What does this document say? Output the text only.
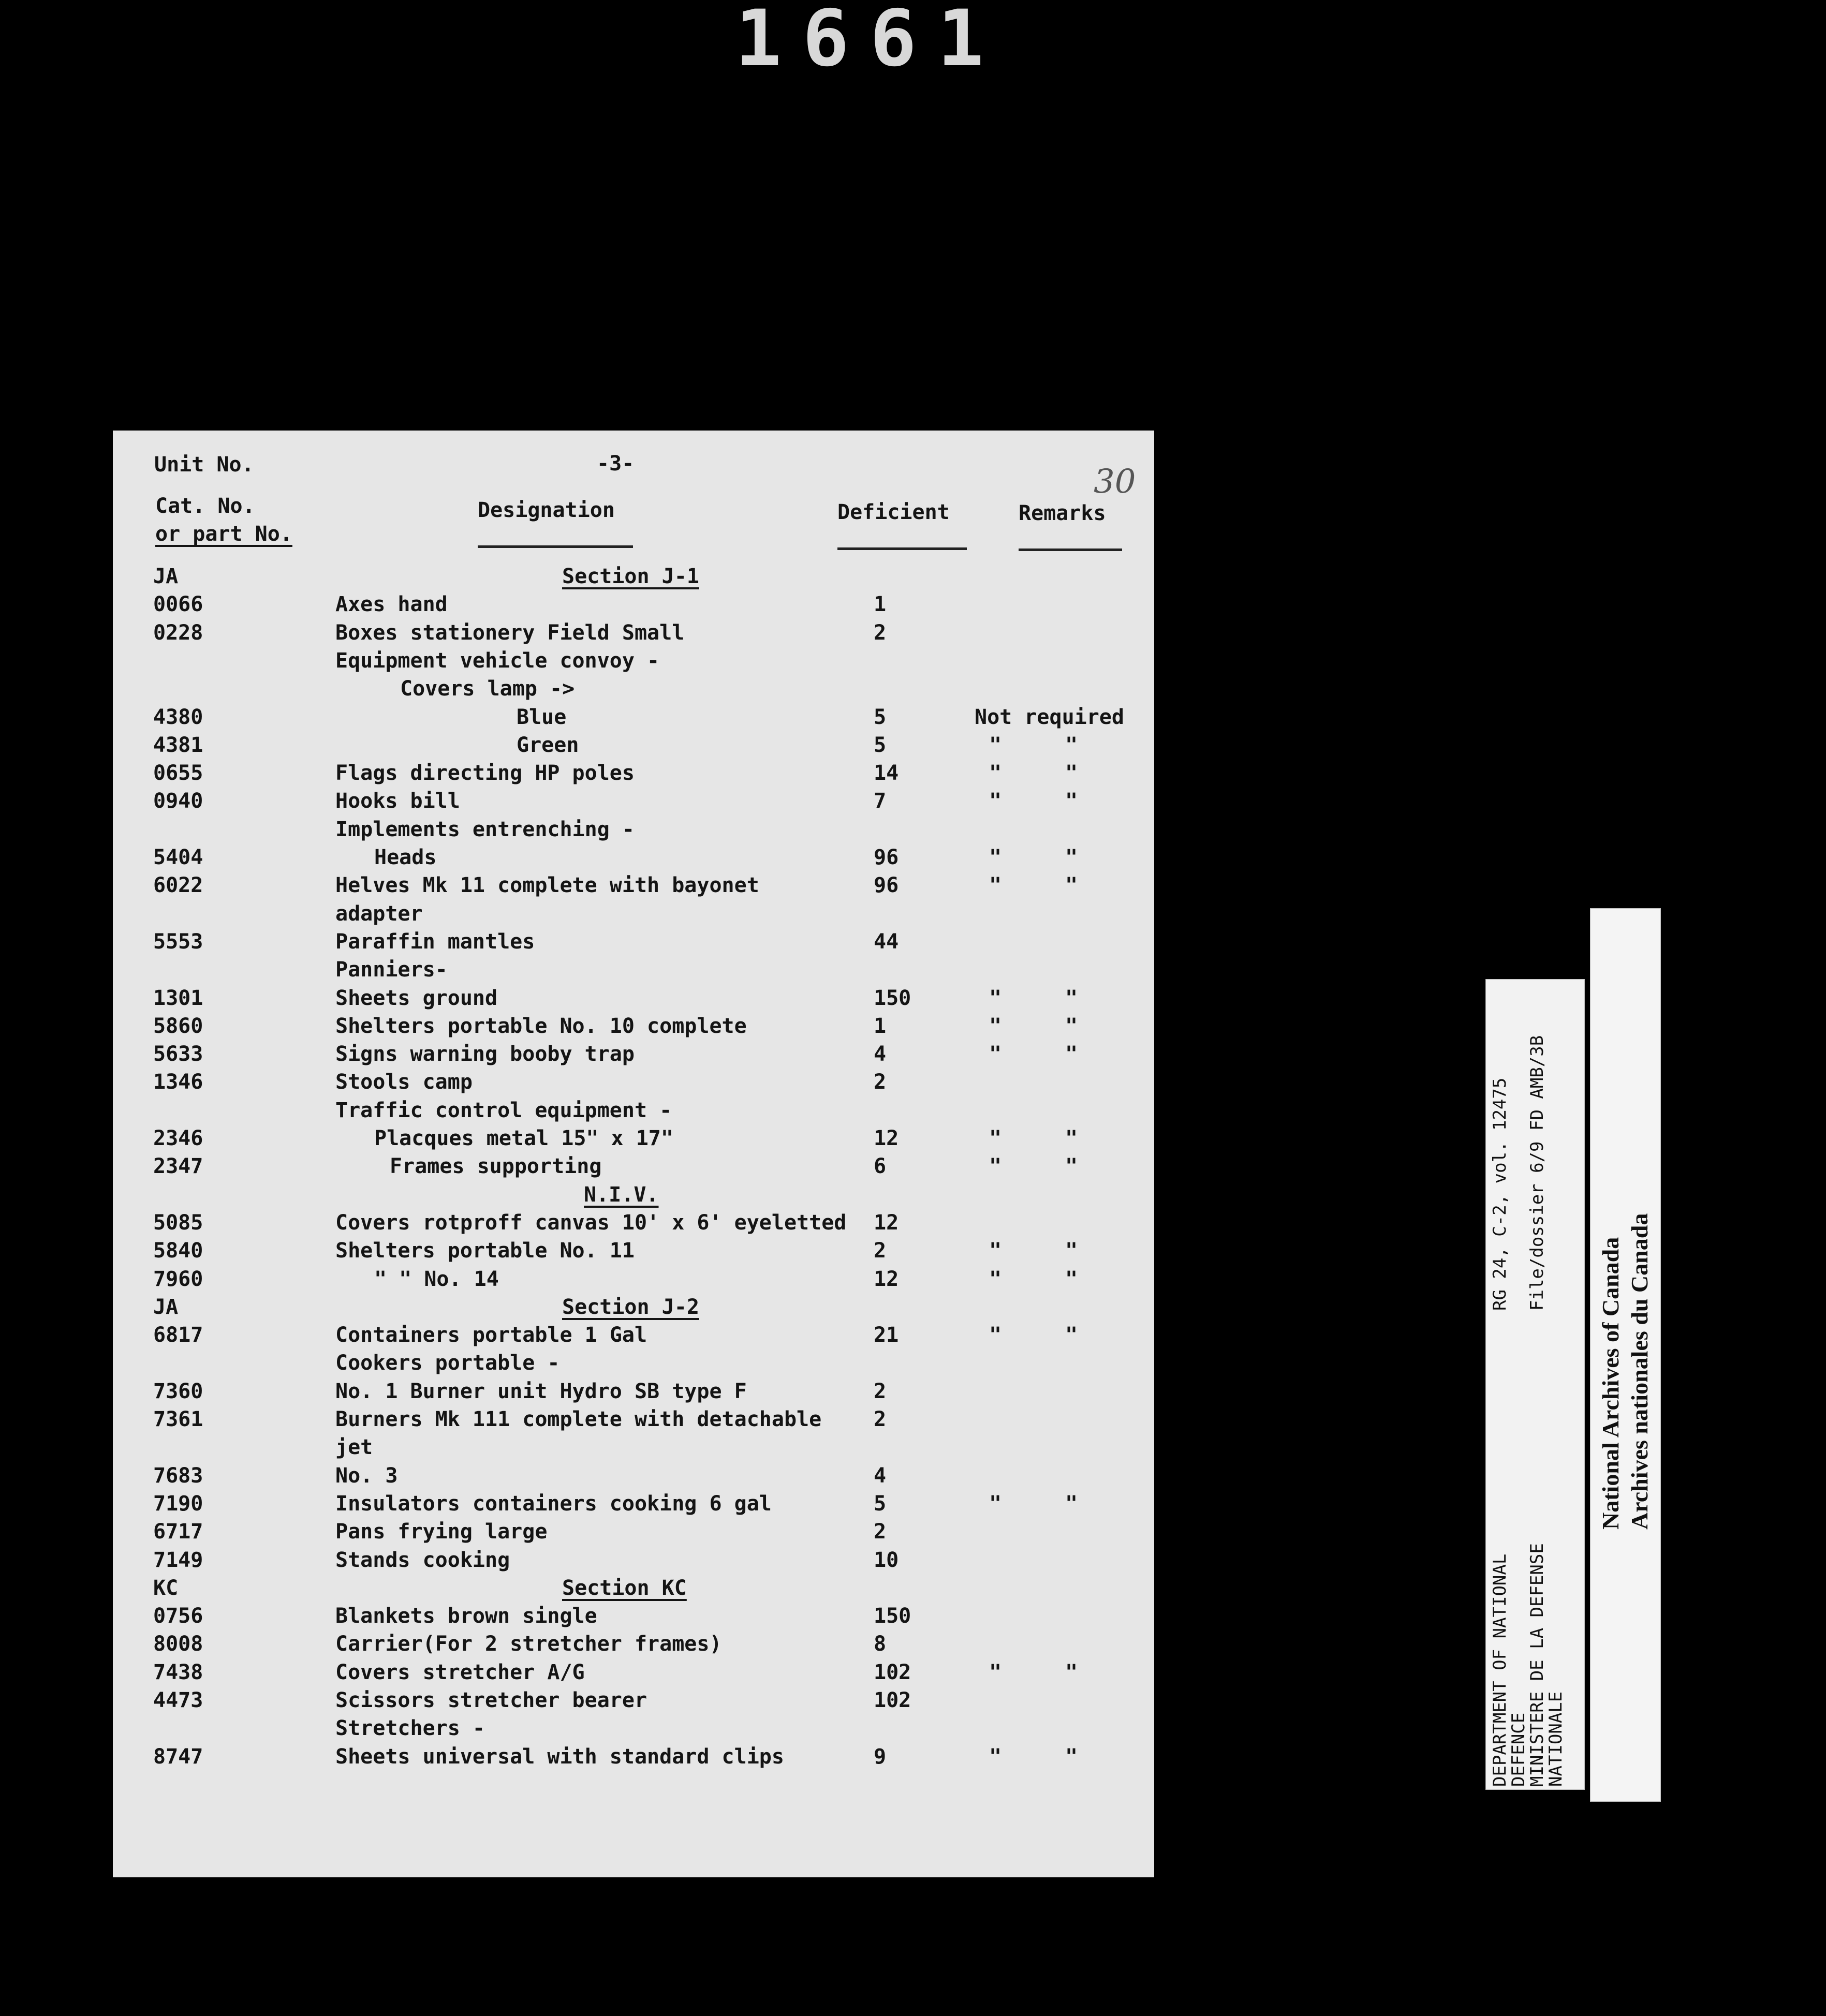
1661
Unit No.	-3-	30
Cat. No.
or part No.
Designation	Deficient	Remarks
JA	Section J-1
0066	Axes hand	1
0228	Boxes stationery Field Small	2
Equipment vehicle convoy -
Covers lamp ->
4380	Blue	5	Not required
4381	Green	5	"	"
0655	Flags directing HP poles	14	"	"
0940	Hooks bill	7	"	"
Implements entrenching -
5404	Heads	96	"	"
6022	Helves Mk 11 complete with bayonet	96	"	"
adapter
5553	Paraffin mantles	44
Panniers-
1301	Sheets ground	150	"	"
5860	Shelters portable No. 10 complete	1	"	"
5633	Signs warning booby trap	4	"	"
1346	Stools camp	2
Traffic control equipment -
2346	Placques metal 15" x 17"	12	"	"
2347	Frames supporting	6	"	"
N.I.V.
5085	Covers rotproff canvas 10' x 6' eyeletted 12
5840	Shelters portable No. 11	2	"	"
7960	" " No. 14	12	"	"
JA	Section J-2
6817	Containers portable 1 Gal	21	"	"
Cookers portable -
7360	No. 1 Burner unit Hydro SB type F	2
7361	Burners Mk 111 complete with detachable	2
jet
7683	No. 3	4
7190	Insulators containers cooking 6 gal	5	"	"
6717	Pans frying large	2
7149	Stands cooking	10
KC	Section KC
0756	Blankets brown single	150
8008	Carrier(For 2 stretcher frames)	8
7438	Covers stretcher A/G	102	"	"
4473	Scissors stretcher bearer	102
Stretchers -
8747	Sheets universal with standard clips	9	"	"	DEPARTMENT OF NATIONAL
DEFENCE
MINISTERE DE LA DEFENSE
NATIONALE
RG 24, C-2, vol. 12475 File/dossier 6/9 FD AMB/3B
National Archives of Canada Archives nationales du Canada
